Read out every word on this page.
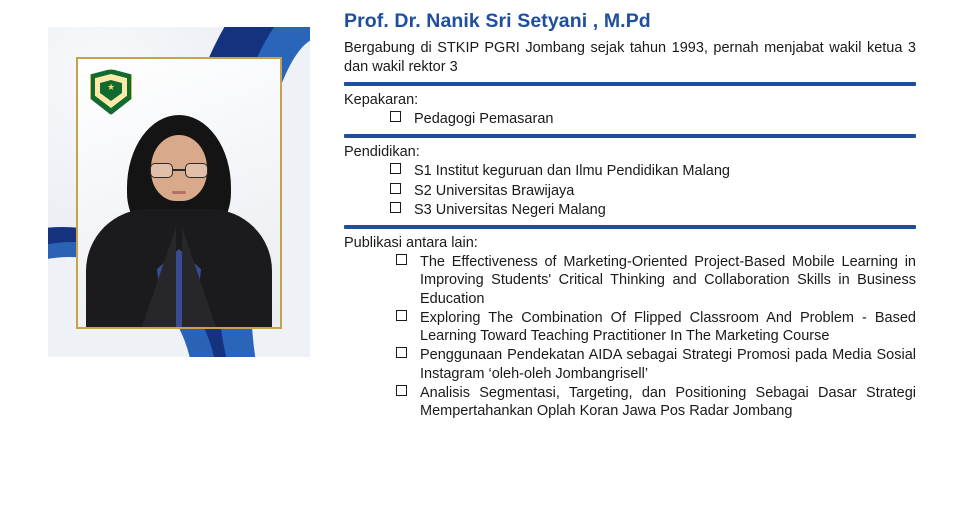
★
Prof. Dr. Nanik Sri Setyani , M.Pd

Bergabung di STKIP PGRI Jombang sejak tahun 1993, pernah menjabat wakil ketua 3 dan wakil rektor 3

Kepakaran:
Pedagogi Pemasaran
Pendidikan:
S1 Institut keguruan dan Ilmu Pendidikan Malang
S2 Universitas Brawijaya
S3 Universitas Negeri Malang
Publikasi antara lain:
The Effectiveness of Marketing-Oriented Project-Based Mobile Learning in Improving Students' Critical Thinking and Collaboration Skills in Business Education
Exploring The Combination Of Flipped Classroom And Problem - Based Learning Toward Teaching Practitioner In The Marketing Course
Penggunaan Pendekatan AIDA sebagai Strategi Promosi pada Media Sosial Instagram ‘oleh-oleh Jombangrisell’
Analisis Segmentasi, Targeting, dan Positioning Sebagai Dasar Strategi Mempertahankan Oplah Koran Jawa Pos Radar Jombang
